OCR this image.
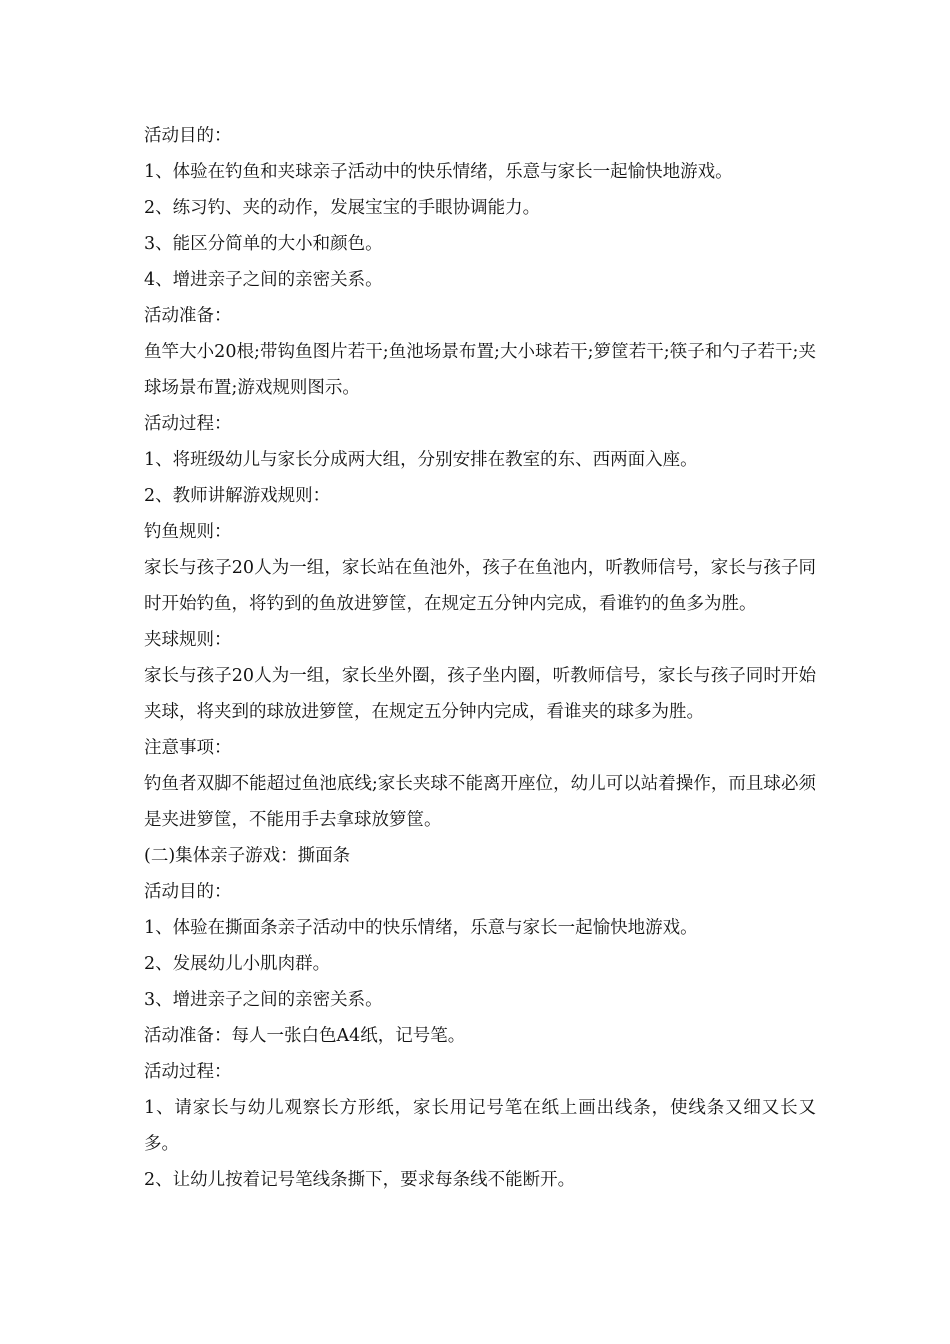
活动目的：

1、体验在钓鱼和夹球亲子活动中的快乐情绪，乐意与家长一起愉快地游戏。

2、练习钓、夹的动作，发展宝宝的手眼协调能力。

3、能区分简单的大小和颜色。

4、增进亲子之间的亲密关系。

活动准备：

鱼竿大小20根;带钩鱼图片若干;鱼池场景布置;大小球若干;箩筐若干;筷子和勺子若干;夹球场景布置;游戏规则图示。

活动过程：

1、将班级幼儿与家长分成两大组，分别安排在教室的东、西两面入座。

2、教师讲解游戏规则：

钓鱼规则：

家长与孩子20人为一组，家长站在鱼池外，孩子在鱼池内，听教师信号，家长与孩子同时开始钓鱼，将钓到的鱼放进箩筐，在规定五分钟内完成，看谁钓的鱼多为胜。

夹球规则：

家长与孩子20人为一组，家长坐外圈，孩子坐内圈，听教师信号，家长与孩子同时开始夹球，将夹到的球放进箩筐，在规定五分钟内完成，看谁夹的球多为胜。

注意事项：

钓鱼者双脚不能超过鱼池底线;家长夹球不能离开座位，幼儿可以站着操作，而且球必须是夹进箩筐，不能用手去拿球放箩筐。

(二)集体亲子游戏：撕面条

活动目的：

1、体验在撕面条亲子活动中的快乐情绪，乐意与家长一起愉快地游戏。

2、发展幼儿小肌肉群。

3、增进亲子之间的亲密关系。

活动准备：每人一张白色A4纸，记号笔。

活动过程：

1、请家长与幼儿观察长方形纸，家长用记号笔在纸上画出线条，使线条又细又长又多。

2、让幼儿按着记号笔线条撕下，要求每条线不能断开。
